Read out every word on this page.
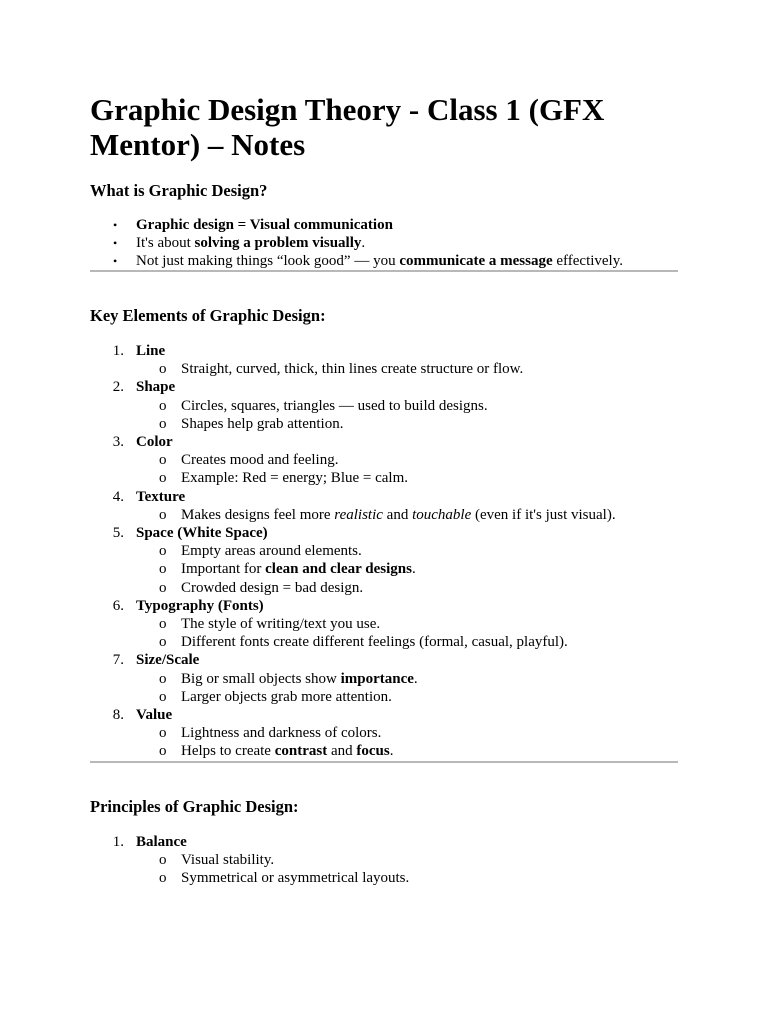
Graphic Design Theory - Class 1 (GFX Mentor) – Notes
What is Graphic Design?
• Graphic design = Visual communication
• It's about solving a problem visually.
• Not just making things “look good” — you communicate a message effectively.
Key Elements of Graphic Design:
1. Line
o Straight, curved, thick, thin lines create structure or flow.
2. Shape
o Circles, squares, triangles — used to build designs.
o Shapes help grab attention.
3. Color
o Creates mood and feeling.
o Example: Red = energy; Blue = calm.
4. Texture
o Makes designs feel more realistic and touchable (even if it's just visual).
5. Space (White Space)
o Empty areas around elements.
o Important for clean and clear designs.
o Crowded design = bad design.
6. Typography (Fonts)
o The style of writing/text you use.
o Different fonts create different feelings (formal, casual, playful).
7. Size/Scale
o Big or small objects show importance.
o Larger objects grab more attention.
8. Value
o Lightness and darkness of colors.
o Helps to create contrast and focus.
Principles of Graphic Design:
1. Balance
o Visual stability.
o Symmetrical or asymmetrical layouts.
